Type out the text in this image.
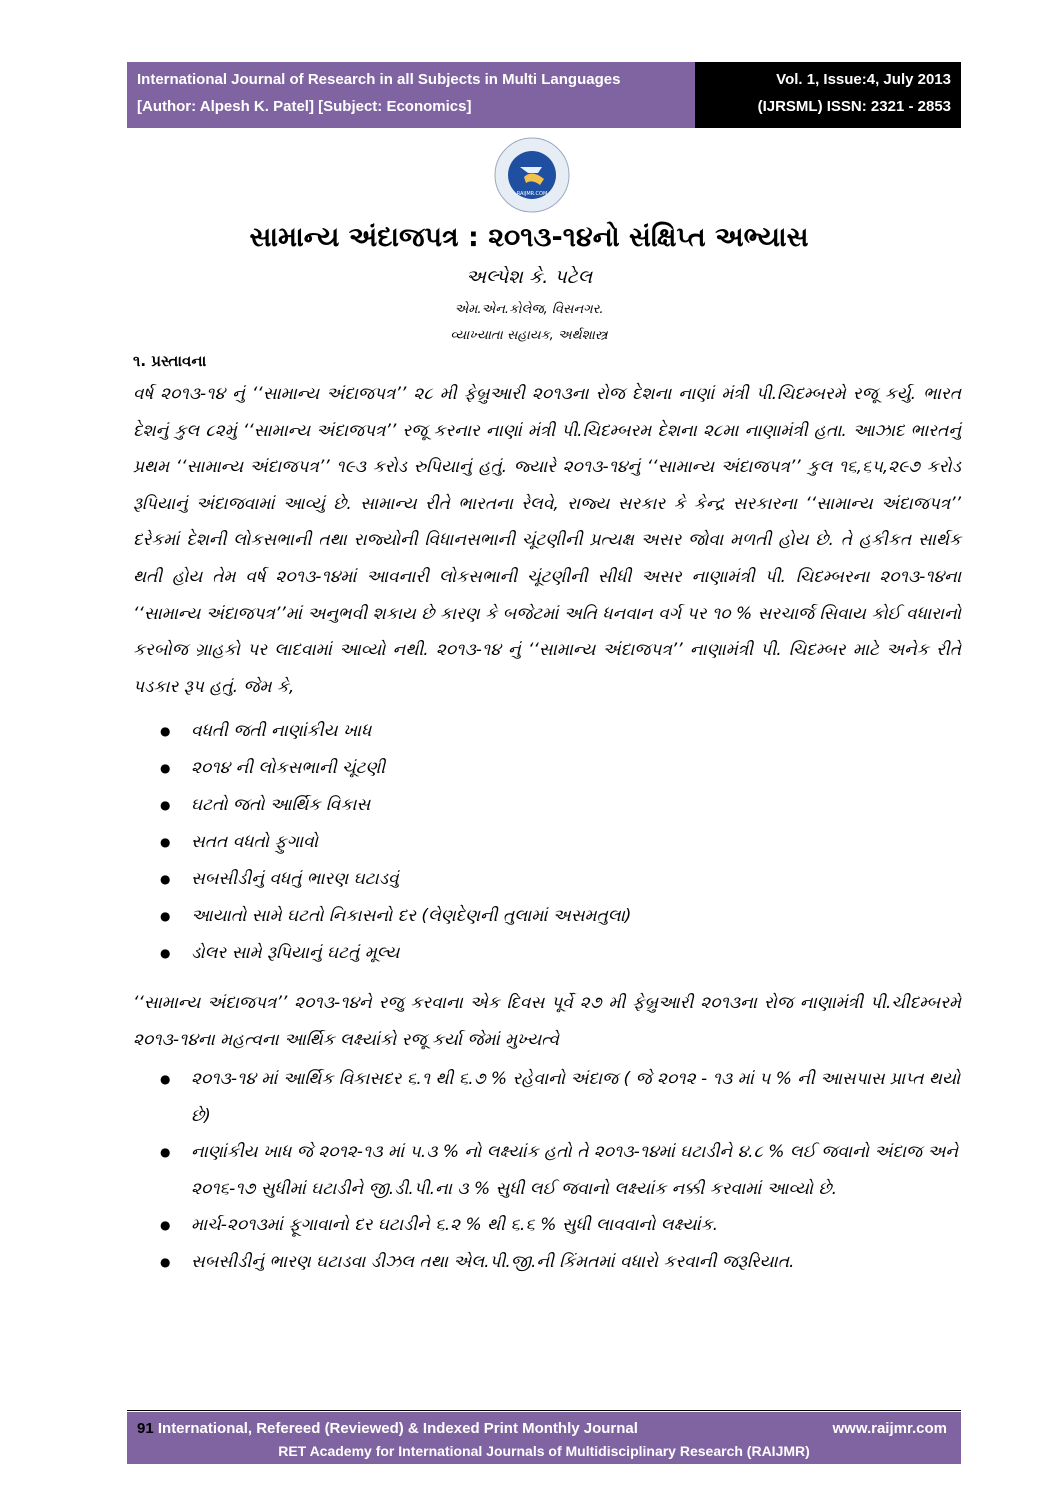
International Journal of Research in all Subjects in Multi Languages
[Author: Alpesh K. Patel] [Subject: Economics]
Vol. 1, Issue:4, July 2013
(IJRSML) ISSN: 2321 - 2853
RAIJMR.COM
સામાન્ય અંદાજપત્ર : ૨૦૧૩-૧૪નો સંક્ષિપ્ત અભ્યાસ
અલ્પેશ કે. પટેલ
એમ.એન.કોલેજ, વિસનગર.
વ્યાખ્યાતા સહાયક, અર્થશાસ્ત્ર
૧. પ્રસ્તાવના
વર્ષ ૨૦૧૩-૧૪ નું ‘‘સામાન્ય અંદાજપત્ર’’ ૨૮ મી ફેબ્રુઆરી ૨૦૧૩ના રોજ દેશના નાણાં મંત્રી પી.ચિદમ્બરમે રજૂ કર્યુ. ભારત દેશનું કુલ ૮૨મું ‘‘સામાન્ય અંદાજપત્ર’’ રજૂ કરનાર નાણાં મંત્રી પી.ચિદમ્બરમ દેશના ૨૮મા નાણામંત્રી હતા. આઝાદ ભારતનું પ્રથમ ‘‘સામાન્ય અંદાજપત્ર’’ ૧૯૩ કરોડ રુપિયાનું હતું. જ્યારે ૨૦૧૩-૧૪નું ‘‘સામાન્ય અંદાજપત્ર’’ કુલ ૧૬,૬૫,૨૯૭ કરોડ રૂપિયાનું અંદાજવામાં આવ્યું છે. સામાન્ય રીતે ભારતના રેલવે, રાજ્ય સરકાર કે કેન્દ્ર સરકારના ‘‘સામાન્ય અંદાજપત્ર’’ દરેકમાં દેશની લોકસભાની તથા રાજ્યોની વિધાનસભાની ચૂંટણીની પ્રત્યક્ષ અસર જોવા મળતી હોય છે. તે હકીકત સાર્થક થતી હોય તેમ વર્ષ ૨૦૧૩-૧૪માં આવનારી લોકસભાની ચૂંટણીની સીધી અસર નાણામંત્રી પી. ચિદમ્બરના ૨૦૧૩-૧૪ના ‘‘સામાન્ય અંદાજપત્ર’’માં અનુભવી શકાય છે કારણ કે બજેટમાં અતિ ધનવાન વર્ગ પર ૧૦ % સરચાર્જ સિવાય કોઈ વધારાનો કરબોજ ગ્રાહકો પર લાદવામાં આવ્યો નથી. ૨૦૧૩-૧૪ નું ‘‘સામાન્ય અંદાજપત્ર’’ નાણામંત્રી પી. ચિદમ્બર માટે અનેક રીતે પડકાર રૂપ હતું. જેમ કે,
● વધતી જતી નાણાંકીય ખાધ
● ૨૦૧૪ ની લોકસભાની ચૂંટણી
● ઘટતો જતો આર્થિક વિકાસ
● સતત વધતો ફુગાવો
● સબસીડીનું વધતું ભારણ ઘટાડવું
● આયાતો સામે ઘટતો નિકાસનો દર (લેણદેણની તુલામાં અસમતુલા)
● ડોલર સામે રૂપિયાનું ઘટતું મૂલ્ય
‘‘સામાન્ય અંદાજપત્ર’’ ૨૦૧૩-૧૪ને રજુ કરવાના એક દિવસ પૂર્વે ૨૭ મી ફેબ્રુઆરી ૨૦૧૩ના રોજ નાણામંત્રી પી.ચીદમ્બરમે ૨૦૧૩-૧૪ના મહત્વના આર્થિક લક્ષ્યાંકો રજૂ કર્યા જેમાં મુખ્યત્વે
● ૨૦૧૩-૧૪ માં આર્થિક વિકાસદર ૬.૧ થી ૬.૭ % રહેવાનો અંદાજ ( જે ૨૦૧૨ - ૧૩ માં ૫ % ની આસપાસ પ્રાપ્ત થયો છે)
● નાણાંકીય ખાધ જે ૨૦૧૨-૧૩ માં ૫.૩ % નો લક્ષ્યાંક હતો તે ૨૦૧૩-૧૪માં ઘટાડીને ૪.૮ % લઈ જવાનો અંદાજ અને ૨૦૧૬-૧૭ સુધીમાં ઘટાડીને જી.ડી.પી.ના ૩ % સુધી લઈ જવાનો લક્ષ્યાંક નક્કી કરવામાં આવ્યો છે.
● માર્ચ-૨૦૧૩માં ફૂગાવાનો દર ઘટાડીને ૬.૨ % થી ૬.૬ % સુધી લાવવાનો લક્ષ્યાંક.
● સબસીડીનું ભારણ ઘટાડવા ડીઝલ તથા એલ.પી.જી.ની કિંમતમાં વધારો કરવાની જરૂરિયાત.
91 International, Refereed (Reviewed) & Indexed Print Monthly Journal	www.raijmr.com
RET Academy for International Journals of Multidisciplinary Research (RAIJMR)
